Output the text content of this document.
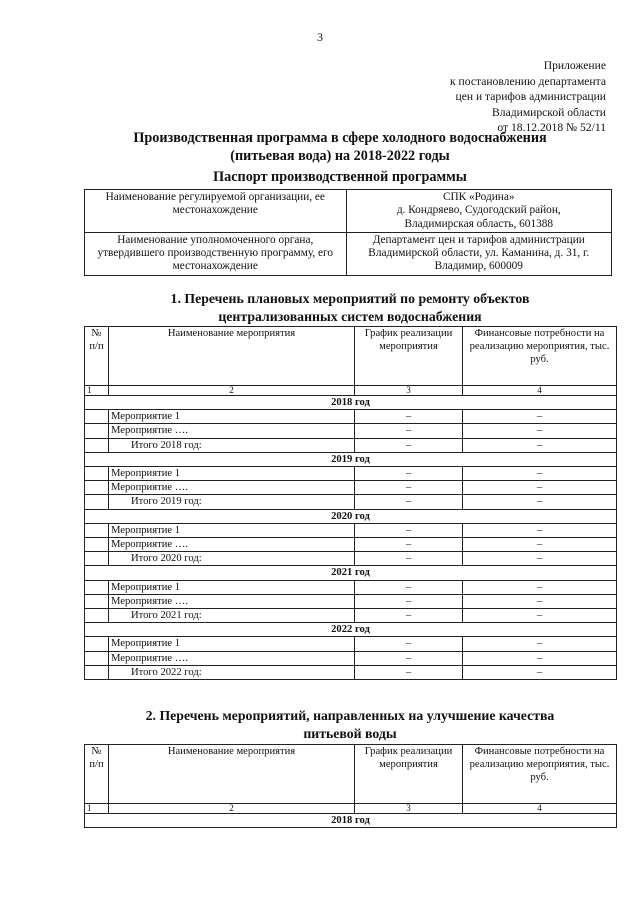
3
Приложение
к постановлению департамента
цен и тарифов администрации
Владимирской области
от 18.12.2018 № 52/11
Производственная программа в сфере холодного водоснабжения
(питьевая вода) на 2018-2022 годы
Паспорт производственной программы
Наименование регулируемой организации, ее местонахождение	СПК «Родина»
д. Кондряево, Судогодский район,
Владимирская область, 601388

Наименование уполномоченного органа, утвердившего производственную программу, его местонахождение	Департамент цен и тарифов администрации Владимирской области, ул. Каманина, д. 31, г. Владимир, 600009
1. Перечень плановых мероприятий по ремонту объектов
централизованных систем водоснабжения
№ п/п	Наименование мероприятия	График реализации мероприятия	Финансовые потребности на реализацию мероприятия, тыс. руб.
1	2	3	4
2018 год			
	Мероприятие 1	–	–
	Мероприятие ….	–	–
	Итого 2018 год:	–	–
2019 год			
	Мероприятие 1	–	–
	Мероприятие ….	–	–
	Итого 2019 год:	–	–
2020 год			
	Мероприятие 1	–	–
	Мероприятие ….	–	–
	Итого 2020 год:	–	–
2021 год			
	Мероприятие 1	–	–
	Мероприятие ….	–	–
	Итого 2021 год:	–	–
2022 год			
	Мероприятие 1	–	–
	Мероприятие ….	–	–
	Итого 2022 год:	–	–
2. Перечень мероприятий, направленных на улучшение качества
питьевой воды
№ п/п	Наименование мероприятия	График реализации мероприятия	Финансовые потребности на реализацию мероприятия, тыс. руб.
1	2	3	4
2018 год			
